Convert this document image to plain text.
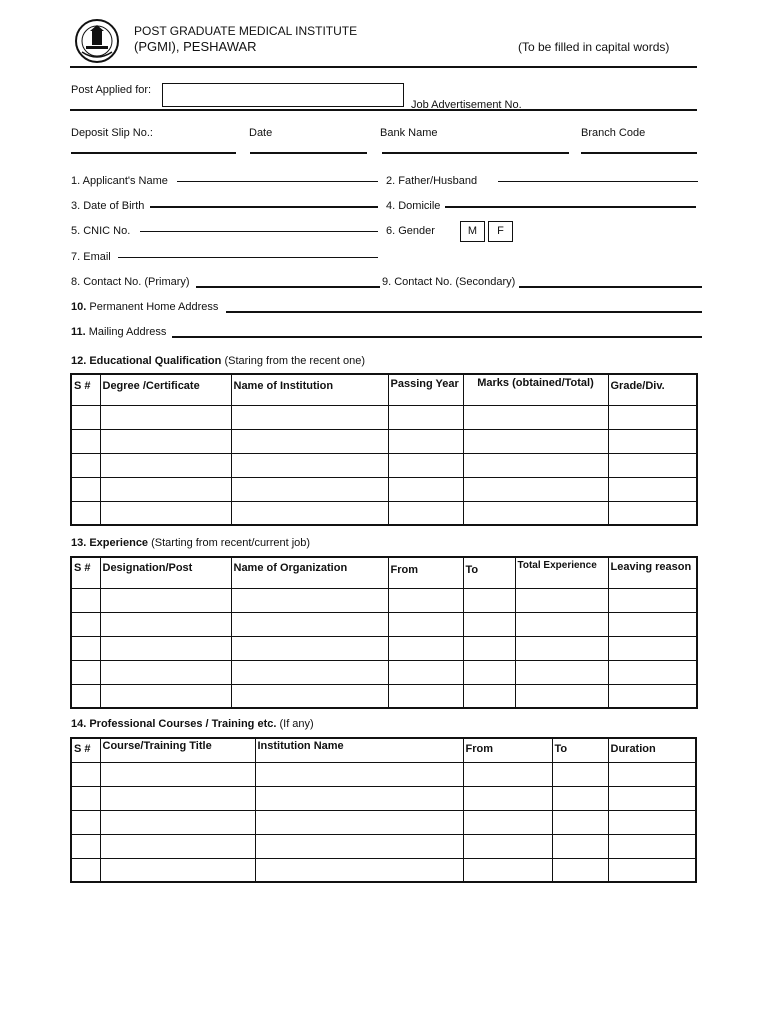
POST GRADUATE MEDICAL INSTITUTE
(PGMI), PESHAWAR	(To be filled in capital words)
Post Applied for:
Job Advertisement No.
Deposit Slip No.:	Date	Bank Name	Branch Code
1. Applicant's Name	2. Father/Husband
3. Date of Birth	4. Domicile
5. CNIC No.	6. Gender	M	F
7. Email
8. Contact No. (Primary)	9. Contact No. (Secondary)
10. Permanent Home Address
11. Mailing Address
12. Educational Qualification (Staring from the recent one)
S #	Degree /Certificate	Name of Institution	Passing Year	Marks (obtained/Total)	Grade/Div.

13. Experience (Starting from recent/current job)
S #	Designation/Post	Name of Organization	From	To	Total Experience	Leaving reason

14. Professional Courses / Training etc. (If any)
S #	Course/Training Title	Institution Name	From	To	Duration
